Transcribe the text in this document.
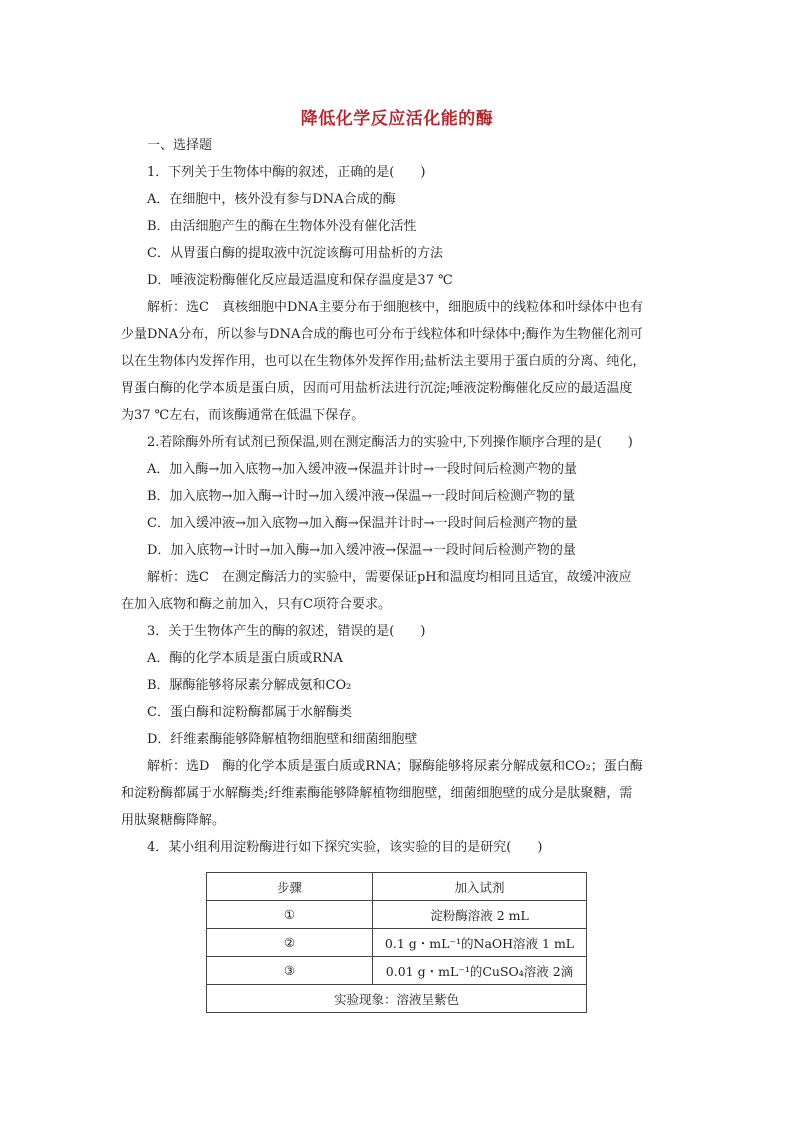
降低化学反应活化能的酶
一、选择题
1．下列关于生物体中酶的叙述，正确的是(　　)
A．在细胞中，核外没有参与DNA合成的酶
B．由活细胞产生的酶在生物体外没有催化活性
C．从胃蛋白酶的提取液中沉淀该酶可用盐析的方法
D．唾液淀粉酶催化反应最适温度和保存温度是37 ℃
解析：选C　真核细胞中DNA主要分布于细胞核中，细胞质中的线粒体和叶绿体中也有
少量DNA分布，所以参与DNA合成的酶也可分布于线粒体和叶绿体中;酶作为生物催化剂可
以在生物体内发挥作用，也可以在生物体外发挥作用;盐析法主要用于蛋白质的分离、纯化，
胃蛋白酶的化学本质是蛋白质，因而可用盐析法进行沉淀;唾液淀粉酶催化反应的最适温度
为37 ℃左右，而该酶通常在低温下保存。
2.若除酶外所有试剂已预保温,则在测定酶活力的实验中,下列操作顺序合理的是(　　)
A．加入酶→加入底物→加入缓冲液→保温并计时→一段时间后检测产物的量
B．加入底物→加入酶→计时→加入缓冲液→保温→一段时间后检测产物的量
C．加入缓冲液→加入底物→加入酶→保温并计时→一段时间后检测产物的量
D．加入底物→计时→加入酶→加入缓冲液→保温→一段时间后检测产物的量
解析：选C　在测定酶活力的实验中，需要保证pH和温度均相同且适宜，故缓冲液应
在加入底物和酶之前加入，只有C项符合要求。
3．关于生物体产生的酶的叙述，错误的是(　　)
A．酶的化学本质是蛋白质或RNA
B．脲酶能够将尿素分解成氨和CO₂
C．蛋白酶和淀粉酶都属于水解酶类
D．纤维素酶能够降解植物细胞壁和细菌细胞壁
解析：选D　酶的化学本质是蛋白质或RNA；脲酶能够将尿素分解成氨和CO₂；蛋白酶
和淀粉酶都属于水解酶类;纤维素酶能够降解植物细胞壁，细菌细胞壁的成分是肽聚糖，需
用肽聚糖酶降解。
4．某小组利用淀粉酶进行如下探究实验，该实验的目的是研究(　　)
步骤	加入试剂
①	淀粉酶溶液 2 mL
②	0.1 g・mL⁻¹的NaOH溶液 1 mL
③	0.01 g・mL⁻¹的CuSO₄溶液 2滴
实验现象：溶液呈紫色	
